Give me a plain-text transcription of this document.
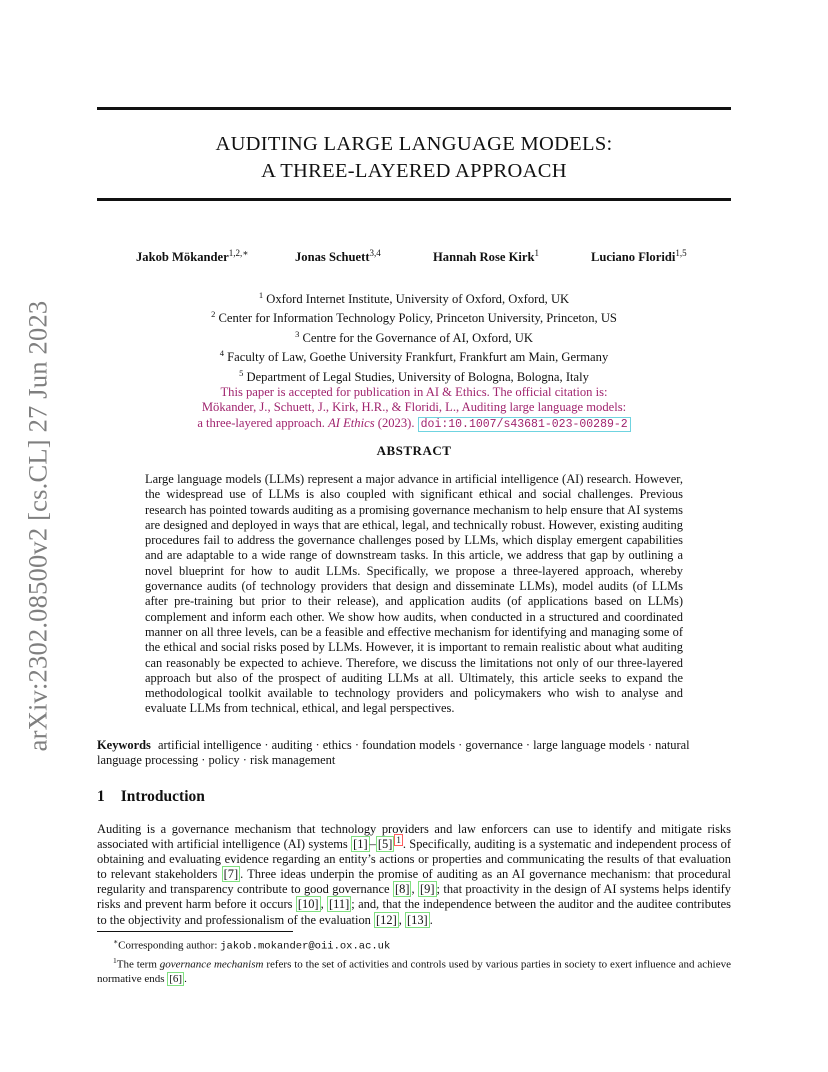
arXiv:2302.08500v2 [cs.CL] 27 Jun 2023
AUDITING LARGE LANGUAGE MODELS:
A THREE-LAYERED APPROACH
Jakob Mökander$^{1,2,∗}$	Jonas Schuett$^{3,4}$	Hannah Rose Kirk$^1$	Luciano Floridi$^{1,5}$
$^1$ Oxford Internet Institute, University of Oxford, Oxford, UK
$^2$ Center for Information Technology Policy, Princeton University, Princeton, US
$^3$ Centre for the Governance of AI, Oxford, UK
$^4$ Faculty of Law, Goethe University Frankfurt, Frankfurt am Main, Germany
$^5$ Department of Legal Studies, University of Bologna, Bologna, Italy
This paper is accepted for publication in AI & Ethics. The official citation is:
Mökander, J., Schuett, J., Kirk, H.R., & Floridi, L., Auditing large language models:
a three-layered approach. AI Ethics (2023). doi:10.1007/s43681-023-00289-2
ABSTRACT
Large language models (LLMs) represent a major advance in artificial intelligence (AI) research. However, the widespread use of LLMs is also coupled with significant ethical and social challenges. Previous research has pointed towards auditing as a promising governance mechanism to help ensure that AI systems are designed and deployed in ways that are ethical, legal, and technically robust. However, existing auditing procedures fail to address the governance challenges posed by LLMs, which display emergent capabilities and are adaptable to a wide range of downstream tasks. In this article, we address that gap by outlining a novel blueprint for how to audit LLMs. Specifically, we propose a three-layered approach, whereby governance audits (of technology providers that design and disseminate LLMs), model audits (of LLMs after pre-training but prior to their release), and application audits (of applications based on LLMs) complement and inform each other. We show how audits, when conducted in a structured and coordinated manner on all three levels, can be a feasible and effective mechanism for identifying and managing some of the ethical and social risks posed by LLMs. However, it is important to remain realistic about what auditing can reasonably be expected to achieve. Therefore, we discuss the limitations not only of our three-layered approach but also of the prospect of auditing LLMs at all. Ultimately, this article seeks to expand the methodological toolkit available to technology providers and policymakers who wish to analyse and evaluate LLMs from technical, ethical, and legal perspectives.
Keywords artificial intelligence · auditing · ethics · foundation models · governance · large language models · natural language processing · policy · risk management
1 Introduction
Auditing is a governance mechanism that technology providers and law enforcers can use to identify and mitigate risks associated with artificial intelligence (AI) systems [1] – [5] $^1$ . Specifically, auditing is a systematic and independent process of obtaining and evaluating evidence regarding an entity’s actions or properties and communicating the results of that evaluation to relevant stakeholders [7] . Three ideas underpin the promise of auditing as an AI governance mechanism: that procedural regularity and transparency contribute to good governance [8] , [9] ; that proactivity in the design of AI systems helps identify risks and prevent harm before it occurs [10] , [11] ; and, that the independence between the auditor and the auditee contributes to the objectivity and professionalism of the evaluation [12] , [13] .
∗Corresponding author: jakob.mokander@oii.ox.ac.uk
$^1$The term governance mechanism refers to the set of activities and controls used by various parties in society to exert influence and achieve normative ends [6] .
